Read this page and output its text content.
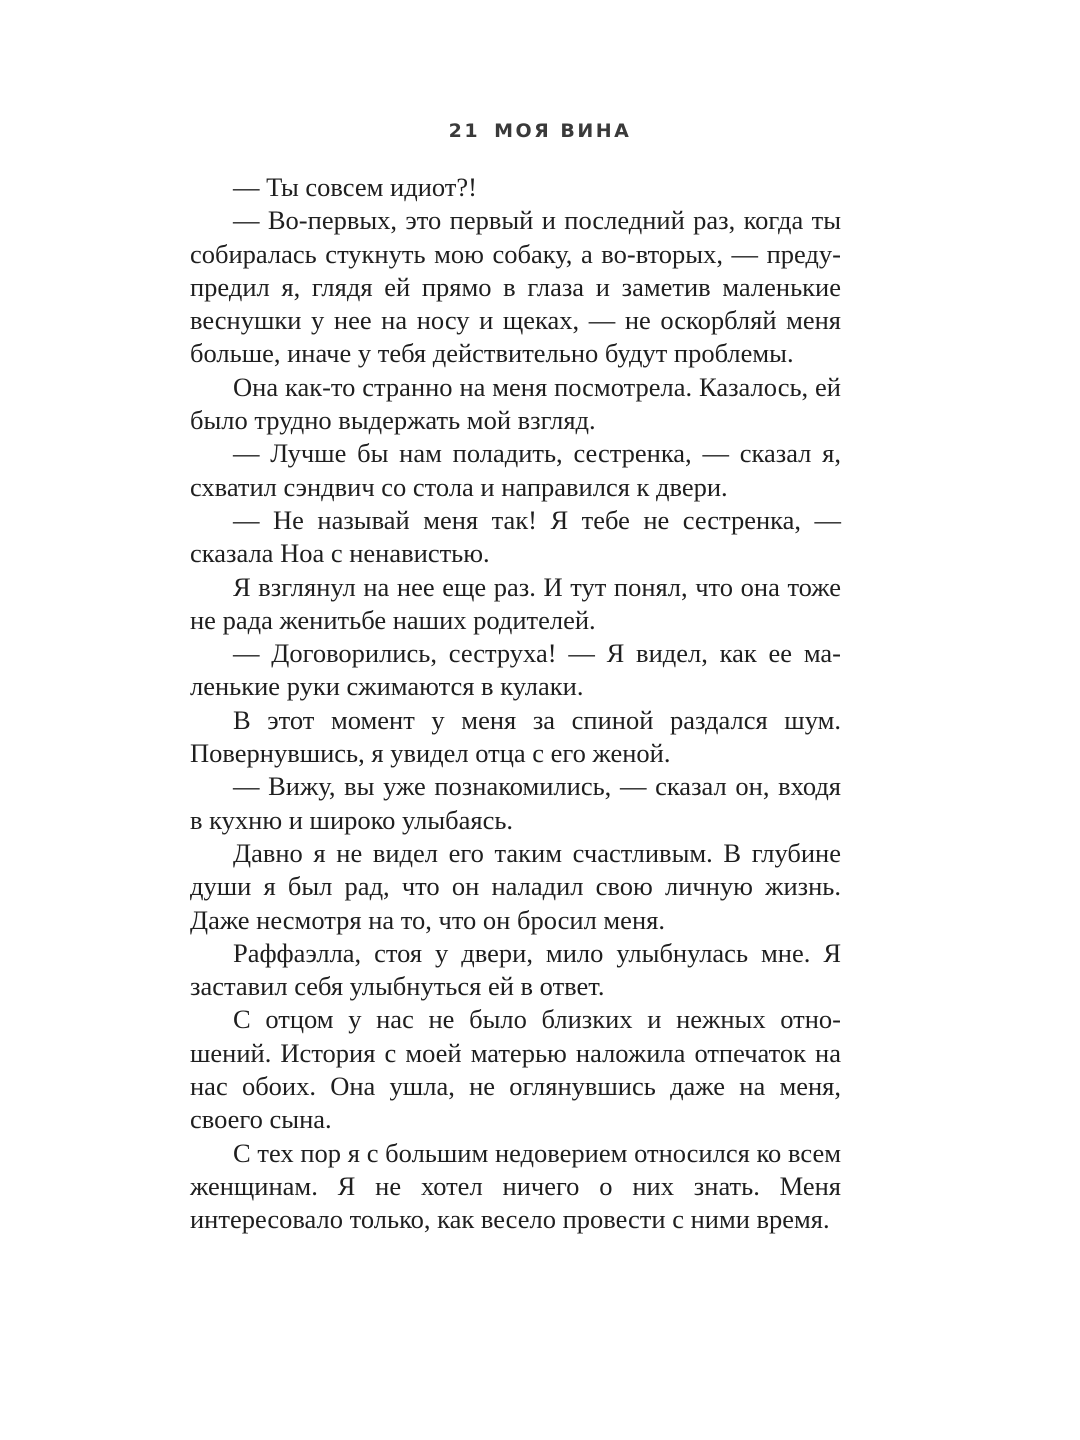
21 МОЯ ВИНА

— Ты совсем идиот?!

— Во-первых, это первый и последний раз, когда ты собиралась стукнуть мою собаку, а во-вторых, — предупредил я, глядя ей прямо в глаза и заметив маленькие веснушки у нее на носу и щеках, — не оскорбляй меня больше, иначе у тебя действительно будут проблемы.

Она как-то странно на меня посмотрела. Казалось, ей было трудно выдержать мой взгляд.

— Лучше бы нам поладить, сестренка, — сказал я, схватил сэндвич со стола и направился к двери.

— Не называй меня так! Я тебе не сестренка, — сказала Ноа с ненавистью.

Я взглянул на нее еще раз. И тут понял, что она тоже не рада женитьбе наших родителей.

— Договорились, сеструха! — Я видел, как ее маленькие руки сжимаются в кулаки.

В этот момент у меня за спиной раздался шум. Повернувшись, я увидел отца с его женой.

— Вижу, вы уже познакомились, — сказал он, входя в кухню и широко улыбаясь.

Давно я не видел его таким счастливым. В глубине души я был рад, что он наладил свою личную жизнь. Даже несмотря на то, что он бросил меня.

Раффаэлла, стоя у двери, мило улыбнулась мне. Я заставил себя улыбнуться ей в ответ.

С отцом у нас не было близких и нежных отношений. История с моей матерью наложила отпечаток на нас обоих. Она ушла, не оглянувшись даже на меня, своего сына.

С тех пор я с большим недоверием относился ко всем женщинам. Я не хотел ничего о них знать. Меня интересовало только, как весело провести с ними время.
